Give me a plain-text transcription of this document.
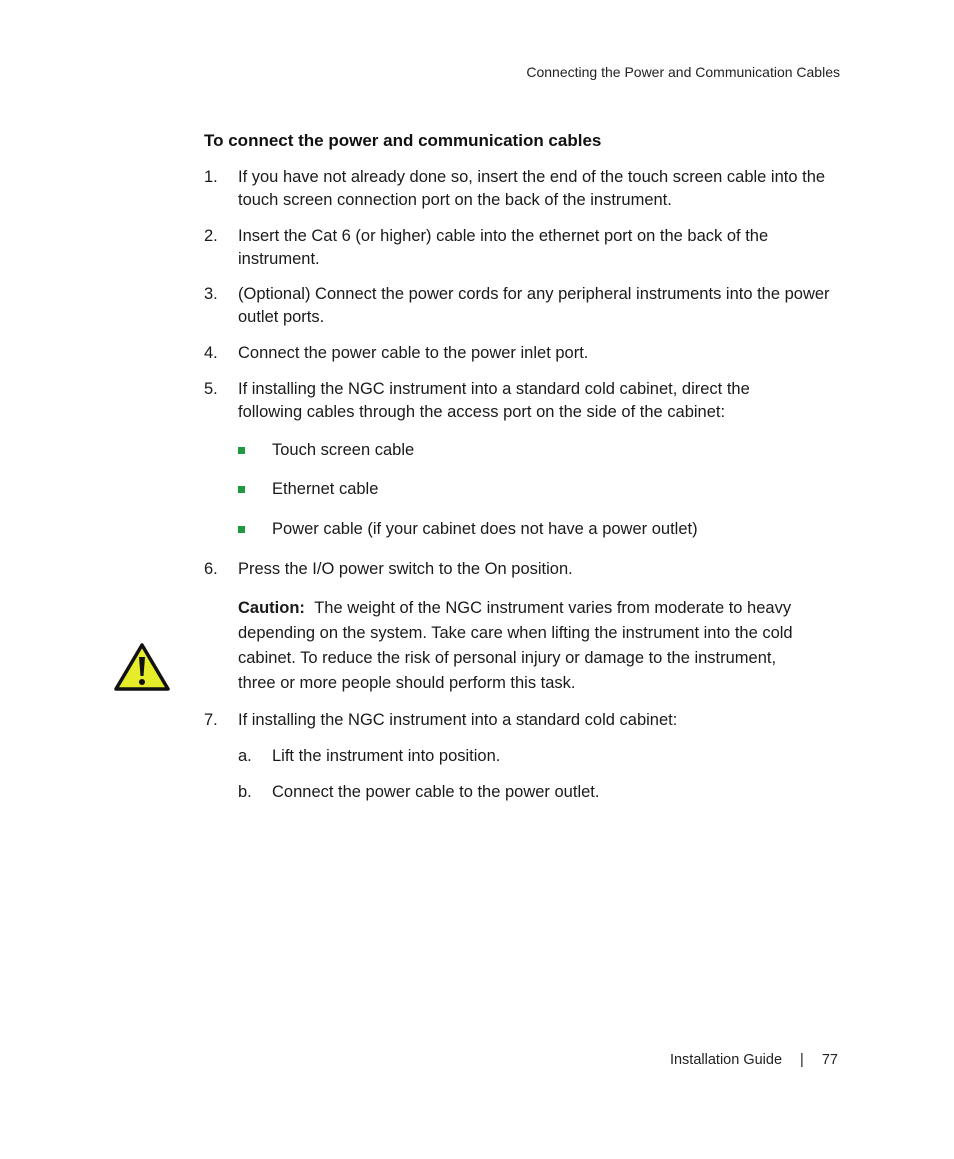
Connecting the Power and Communication Cables
To connect the power and communication cables
1.	If you have not already done so, insert the end of the touch screen cable into the touch screen connection port on the back of the instrument.
2.	Insert the Cat 6 (or higher) cable into the ethernet port on the back of the instrument.
3.	(Optional) Connect the power cords for any peripheral instruments into the power outlet ports.
4.	Connect the power cable to the power inlet port.
5.	If installing the NGC instrument into a standard cold cabinet, direct the following cables through the access port on the side of the cabinet:
Touch screen cable
Ethernet cable
Power cable (if your cabinet does not have a power outlet)
6.	Press the I/O power switch to the On position.
Caution: The weight of the NGC instrument varies from moderate to heavy depending on the system. Take care when lifting the instrument into the cold cabinet. To reduce the risk of personal injury or damage to the instrument, three or more people should perform this task.
7.	If installing the NGC instrument into a standard cold cabinet:
a. Lift the instrument into position.
b. Connect the power cable to the power outlet.
Installation Guide | 77
